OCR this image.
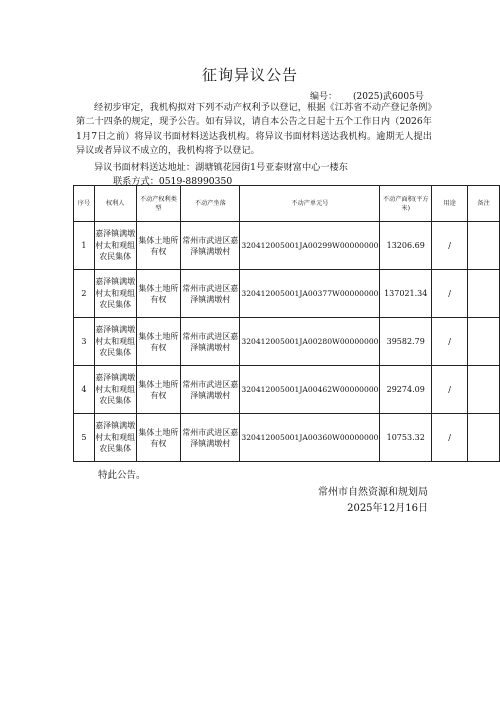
征询异议公告
编号： (2025)武6005号

经初步审定，我机构拟对下列不动产权利予以登记，根据《江苏省不动产登记条例》第二十四条的规定，现予公告。如有异议，请自本公告之日起十五个工作日内（2026年1月7日之前）将异议书面材料送达我机构。将异议书面材料送达我机构。逾期无人提出异议或者异议不成立的，我机构将予以登记。

异议书面材料送达地址：湖塘镇花园街1号亚泰财富中心一楼东
联系方式：0519-88990350
序号	权利人	不动产权利类型	不动产坐落	不动产单元号	不动产面积(平方米)	用途	备注
1	嘉泽镇满墩村太和观组农民集体	集体土地所有权	常州市武进区嘉泽镇满墩村	320412005001JA00299W00000000	13206.69	/	
2	嘉泽镇满墩村太和观组农民集体	集体土地所有权	常州市武进区嘉泽镇满墩村	320412005001JA00377W00000000	137021.34	/	
3	嘉泽镇满墩村太和观组农民集体	集体土地所有权	常州市武进区嘉泽镇满墩村	320412005001JA00280W00000000	39582.79	/	
4	嘉泽镇满墩村太和观组农民集体	集体土地所有权	常州市武进区嘉泽镇满墩村	320412005001JA00462W00000000	29274.09	/	
5	嘉泽镇满墩村太和观组农民集体	集体土地所有权	常州市武进区嘉泽镇满墩村	320412005001JA00360W00000000	10753.32	/	
特此公告。
常州市自然资源和规划局
2025年12月16日
